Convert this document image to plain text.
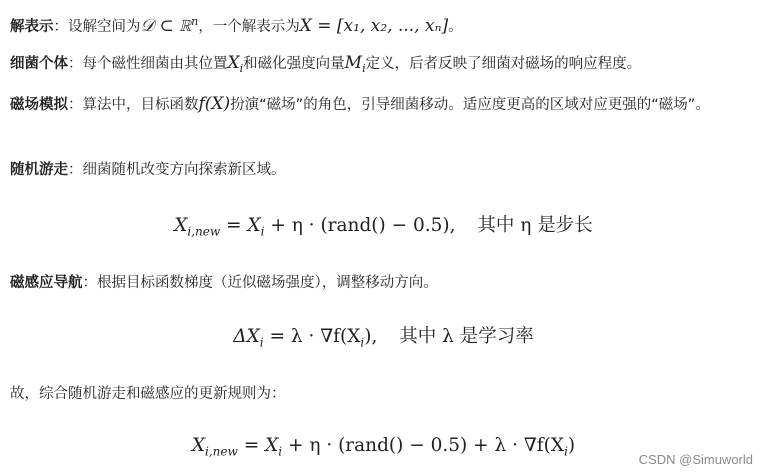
解表示：设解空间为𝒟 ⊂ ℝ$^n$，一个解表示为X = [x₁, x₂, ..., xₙ]。
细菌个体：每个磁性细菌由其位置$X_i$和磁化强度向量$M_i$定义，后者反映了细菌对磁场的响应程度。
磁场模拟：算法中，目标函数f(X)扮演“磁场”的角色，引导细菌移动。适应度更高的区域对应更强的“磁场”。
随机游走：细菌随机改变方向探索新区域。
$X_{i,new} = X_i + \eta$ · (rand() − 0.5), 其中 η 是步长
磁感应导航：根据目标函数梯度（近似磁场强度），调整移动方向。
$\Delta X_i = \lambda \cdot \nabla f(X_i)$, 其中 λ 是学习率
故，综合随机游走和磁感应的更新规则为：
$X_{i,new} = X_i + \eta$ · (rand() − $0.5) + \lambda \cdot \nabla f(X_i)$
CSDN @Simuworld
